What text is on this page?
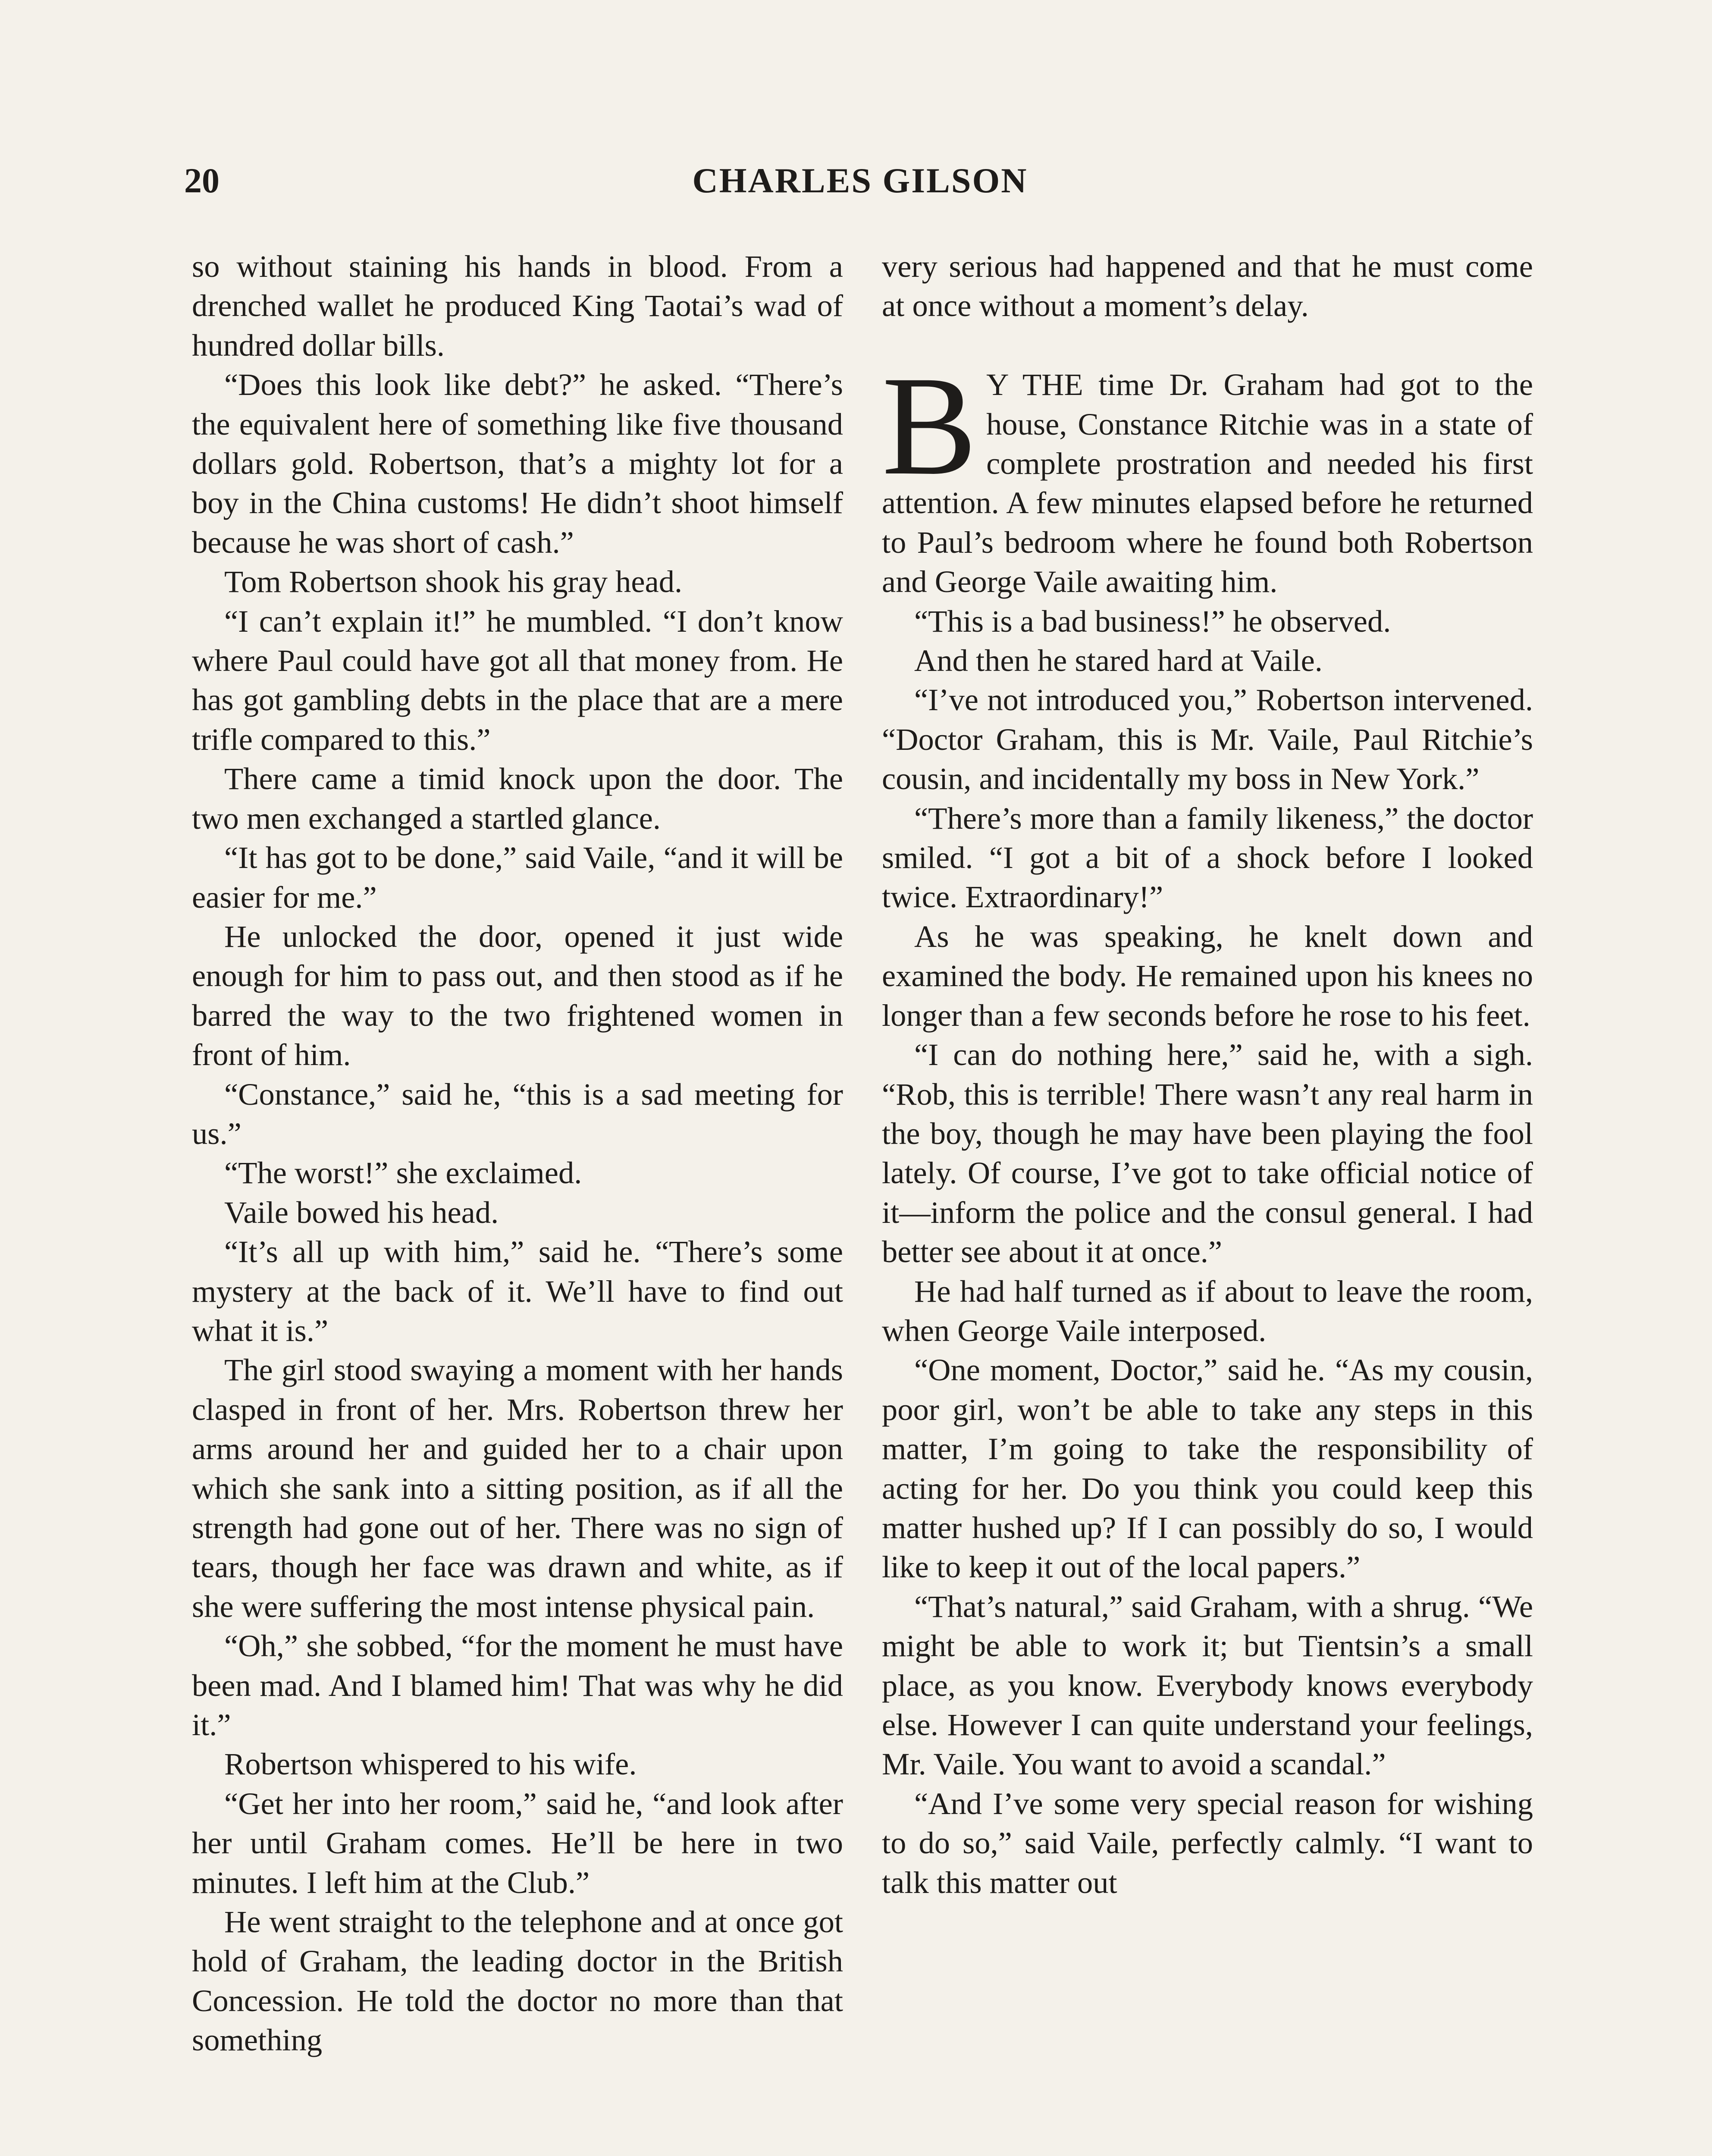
20	CHARLES GILSON

so without staining his hands in blood. From a drenched wallet he produced King Taotai’s wad of hundred dollar bills.

“Does this look like debt?” he asked. “There’s the equivalent here of something like five thousand dollars gold. Robertson, that’s a mighty lot for a boy in the China customs! He didn’t shoot himself because he was short of cash.”

Tom Robertson shook his gray head.

“I can’t explain it!” he mumbled. “I don’t know where Paul could have got all that money from. He has got gambling debts in the place that are a mere trifle compared to this.”

There came a timid knock upon the door. The two men exchanged a startled glance.

“It has got to be done,” said Vaile, “and it will be easier for me.”

He unlocked the door, opened it just wide enough for him to pass out, and then stood as if he barred the way to the two frightened women in front of him.

“Constance,” said he, “this is a sad meeting for us.”

“The worst!” she exclaimed.

Vaile bowed his head.

“It’s all up with him,” said he. “There’s some mystery at the back of it. We’ll have to find out what it is.”

The girl stood swaying a moment with her hands clasped in front of her. Mrs. Robertson threw her arms around her and guided her to a chair upon which she sank into a sitting position, as if all the strength had gone out of her. There was no sign of tears, though her face was drawn and white, as if she were suffering the most intense physical pain.

“Oh,” she sobbed, “for the moment he must have been mad. And I blamed him! That was why he did it.”

Robertson whispered to his wife.

“Get her into her room,” said he, “and look after her until Graham comes. He’ll be here in two minutes. I left him at the Club.”

He went straight to the telephone and at once got hold of Graham, the leading doctor in the British Concession. He told the doctor no more than that something

very serious had happened and that he must come at once without a moment’s delay.

B Y THE time Dr. Graham had got to the house, Constance Ritchie was in a state of complete prostration and needed his first attention. A few minutes elapsed before he returned to Paul’s bedroom where he found both Robertson and George Vaile awaiting him.

“This is a bad business!” he observed.

And then he stared hard at Vaile.

“I’ve not introduced you,” Robertson intervened. “Doctor Graham, this is Mr. Vaile, Paul Ritchie’s cousin, and incidentally my boss in New York.”

“There’s more than a family likeness,” the doctor smiled. “I got a bit of a shock before I looked twice. Extraordinary!”

As he was speaking, he knelt down and examined the body. He remained upon his knees no longer than a few seconds before he rose to his feet.

“I can do nothing here,” said he, with a sigh. “Rob, this is terrible! There wasn’t any real harm in the boy, though he may have been playing the fool lately. Of course, I’ve got to take official notice of it—inform the police and the consul general. I had better see about it at once.”

He had half turned as if about to leave the room, when George Vaile interposed.

“One moment, Doctor,” said he. “As my cousin, poor girl, won’t be able to take any steps in this matter, I’m going to take the responsibility of acting for her. Do you think you could keep this matter hushed up? If I can possibly do so, I would like to keep it out of the local papers.”

“That’s natural,” said Graham, with a shrug. “We might be able to work it; but Tientsin’s a small place, as you know. Everybody knows everybody else. However I can quite understand your feelings, Mr. Vaile. You want to avoid a scandal.”

“And I’ve some very special reason for wishing to do so,” said Vaile, perfectly calmly. “I want to talk this matter out
